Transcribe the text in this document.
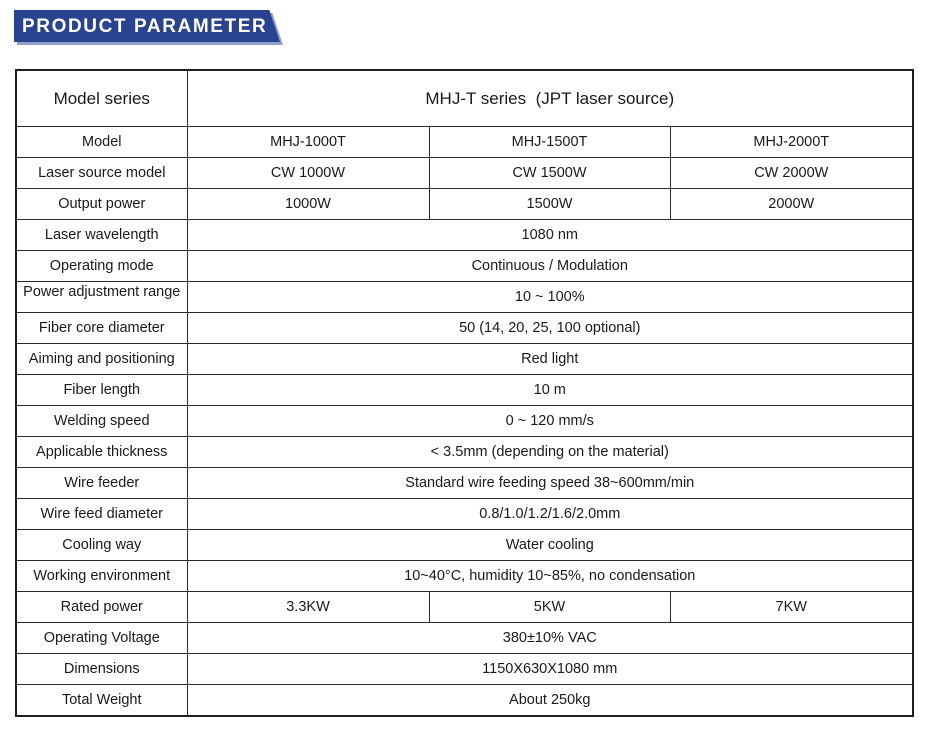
PRODUCT PARAMETER
Model series	MHJ-T series  (JPT laser source)		
Model	MHJ-1000T	MHJ-1500T	MHJ-2000T
Laser source model	CW 1000W	CW 1500W	CW 2000W
Output power	1000W	1500W	2000W
Laser wavelength	1080 nm		
Operating mode	Continuous / Modulation		

Power adjustment range	10 ~ 100%		
Fiber core diameter	50 (14, 20, 25, 100 optional)		
Aiming and positioning	Red light		
Fiber length	10 m		
Welding speed	0 ~ 120 mm/s		
Applicable thickness	< 3.5mm (depending on the material)		
Wire feeder	Standard wire feeding speed 38~600mm/min		
Wire feed diameter	0.8/1.0/1.2/1.6/2.0mm		
Cooling way	Water cooling		
Working environment	10~40°C, humidity 10~85%, no condensation		
Rated power	3.3KW	5KW	7KW
Operating Voltage	380±10% VAC		
Dimensions	1150X630X1080 mm		
Total Weight	About 250kg		
